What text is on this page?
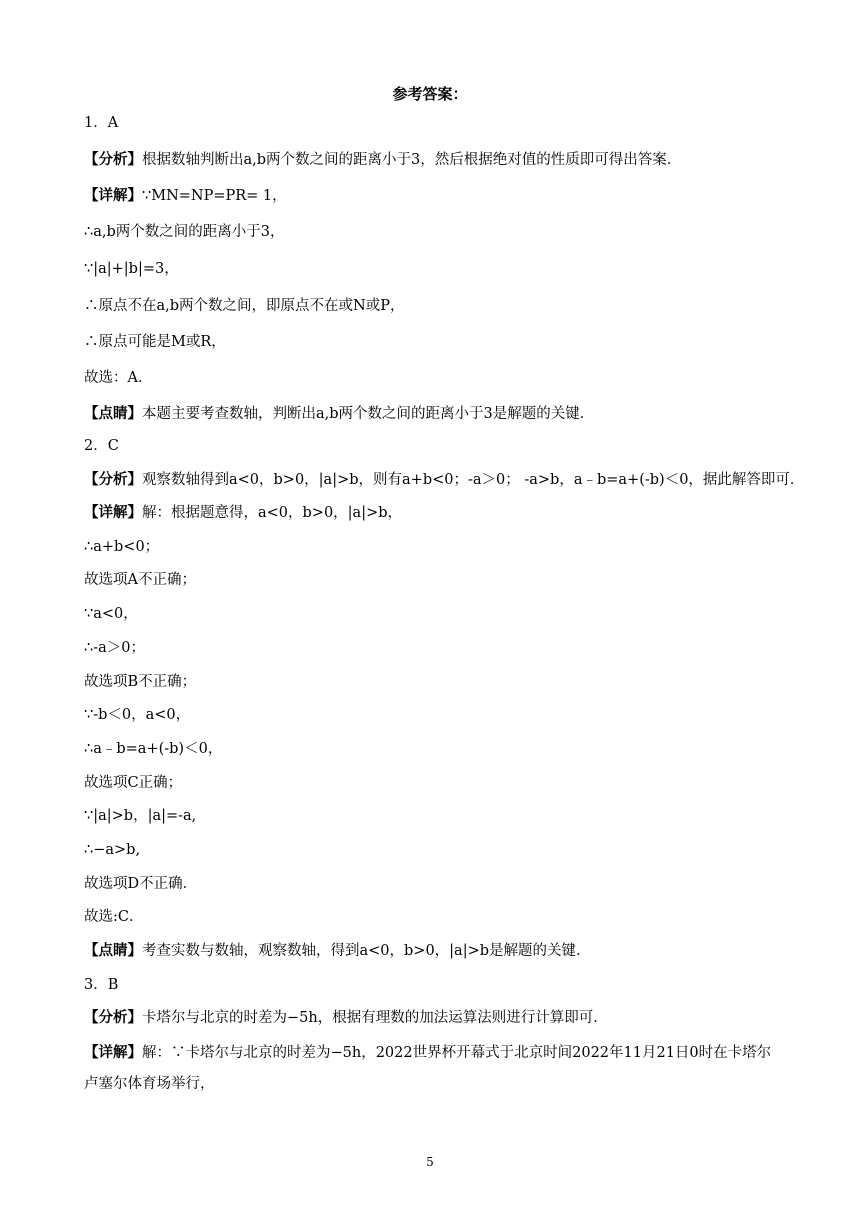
参考答案：
1．A
【分析】根据数轴判断出a,b两个数之间的距离小于3，然后根据绝对值的性质即可得出答案．
【详解】∵MN=NP=PR= 1，
∴a,b两个数之间的距离小于3，
∵|a|+|b|=3，
∴原点不在a,b两个数之间，即原点不在或N或P，
∴原点可能是M或R，
故选：A．
【点睛】本题主要考查数轴，判断出a,b两个数之间的距离小于3是解题的关键．
2．C
【分析】观察数轴得到a<0，b>0，|a|>b，则有a+b<0；-a＞0； -a>b，a﹣b=a+(-b)＜0，据此解答即可．
【详解】解：根据题意得，a<0，b>0，|a|>b，
∴a+b<0；
故选项A不正确；
∵a<0，
∴-a＞0；
故选项B不正确；
∵-b＜0，a<0，
∴a﹣b=a+(-b)＜0，
故选项C正确；
∵|a|>b，|a|=-a,
∴−a>b,
故选项D不正确．
故选:C．
【点睛】考查实数与数轴，观察数轴，得到a<0，b>0，|a|>b是解题的关键．
3．B
【分析】卡塔尔与北京的时差为−5h，根据有理数的加法运算法则进行计算即可．
【详解】解：∵卡塔尔与北京的时差为−5h，2022世界杯开幕式于北京时间2022年11月21日0时在卡塔尔卢塞尔体育场举行，
5
